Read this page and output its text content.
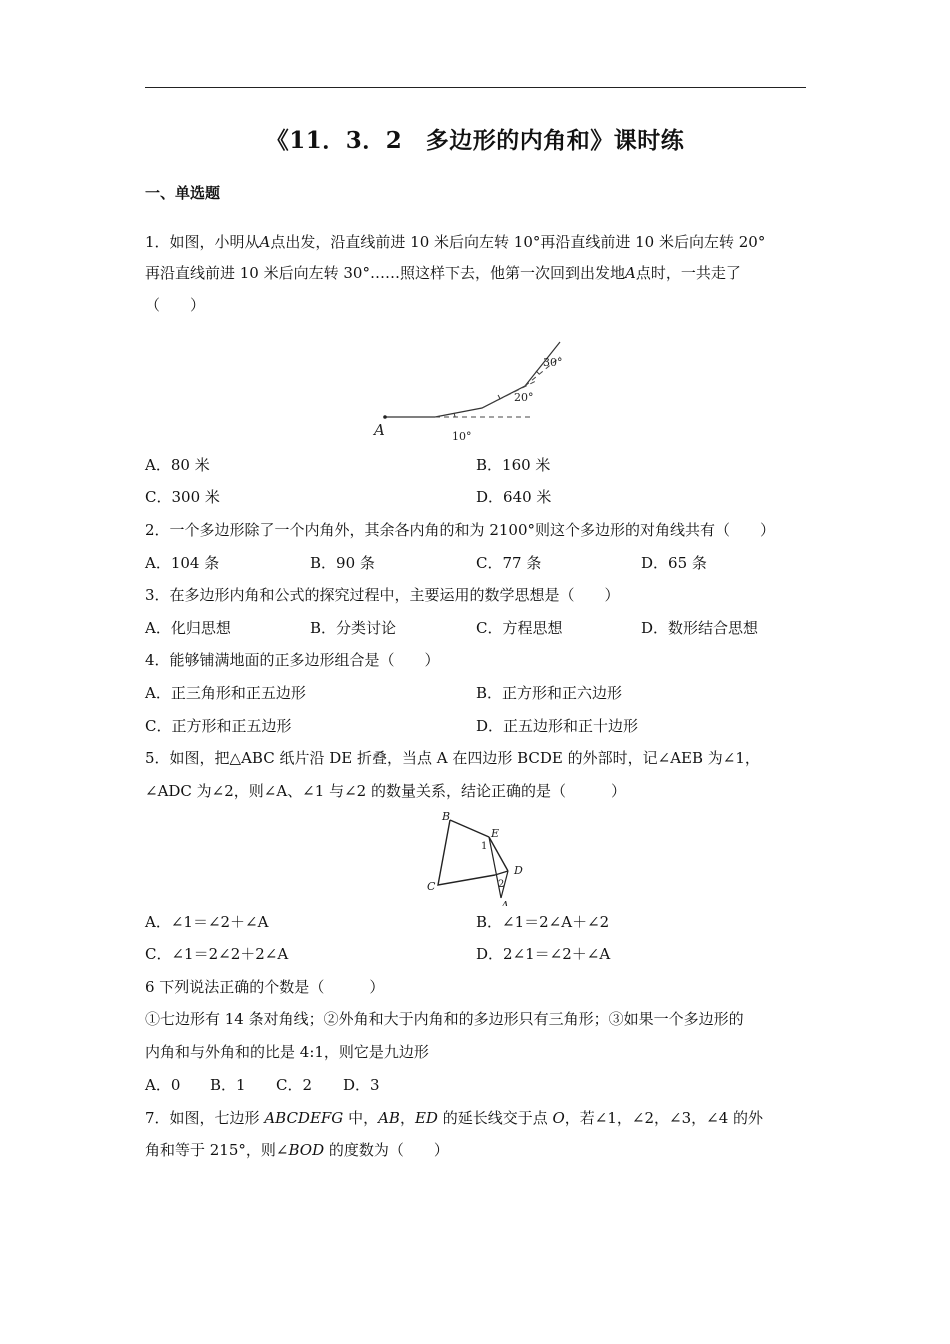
《11．3．2　多边形的内角和》课时练
一、单选题
1．如图，小明从A点出发，沿直线前进 10 米后向左转 10°再沿直线前进 10 米后向左转 20°
再沿直线前进 10 米后向左转 30°……照这样下去，他第一次回到出发地A点时，一共走了
（　　）
A	10°
20°
30°
A．80 米	B．160 米
C．300 米	D．640 米
2．一个多边形除了一个内角外，其余各内角的和为 2100°则这个多边形的对角线共有（　　）
A．104 条	B．90 条	C．77 条	D．65 条
3．在多边形内角和公式的探究过程中，主要运用的数学思想是（　　）
A．化归思想	B．分类讨论	C．方程思想	D．数形结合思想
4．能够铺满地面的正多边形组合是（　　）
A．正三角形和正五边形	B．正方形和正六边形
C．正方形和正五边形	D．正五边形和正十边形
5．如图，把△ABC 纸片沿 DE 折叠，当点 A 在四边形 BCDE 的外部时，记∠AEB 为∠1，
∠ADC 为∠2，则∠A、∠1 与∠2 的数量关系，结论正确的是（　　　）
B
E
C
D
A
1
2
A．∠1＝∠2＋∠A	B．∠1＝2∠A＋∠2
C．∠1＝2∠2＋2∠A	D．2∠1＝∠2＋∠A
6 下列说法正确的个数是（　　　）
①七边形有 14 条对角线；②外角和大于内角和的多边形只有三角形；③如果一个多边形的
内角和与外角和的比是 4:1，则它是九边形
A．0 B．1 C．2 D．3
7．如图，七边形 ABCDEFG 中，AB，ED 的延长线交于点 O，若∠1，∠2，∠3，∠4 的外
角和等于 215°，则∠BOD 的度数为（　　）
